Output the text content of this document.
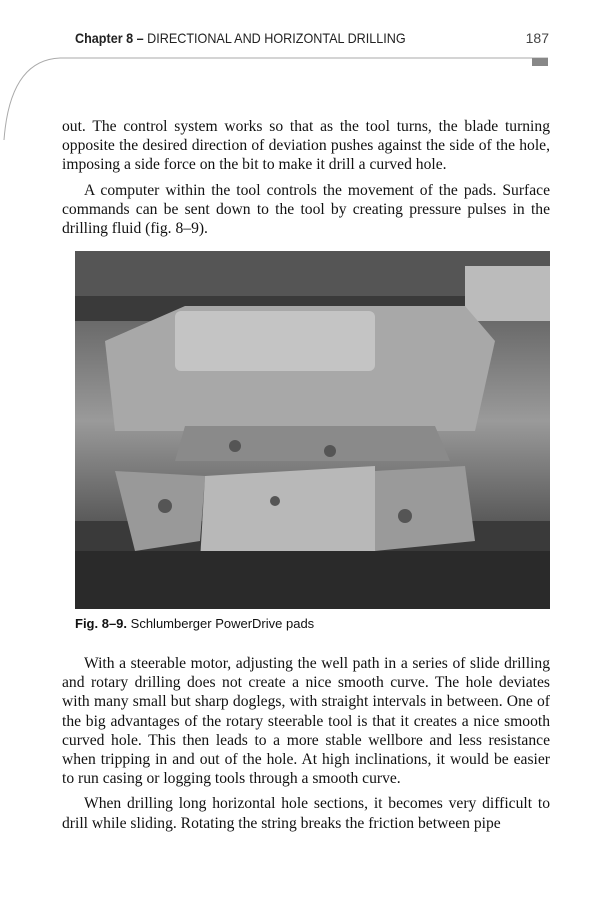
Chapter 8 – DIRECTIONAL AND HORIZONTAL DRILLING	187

out. The control system works so that as the tool turns, the blade turning opposite the desired direction of deviation pushes against the side of the hole, imposing a side force on the bit to make it drill a curved hole.

A computer within the tool controls the movement of the pads. Surface commands can be sent down to the tool by creating pressure pulses in the drilling fluid (fig. 8–9).

Fig. 8–9. Schlumberger PowerDrive pads

With a steerable motor, adjusting the well path in a series of slide drilling and rotary drilling does not create a nice smooth curve. The hole deviates with many small but sharp doglegs, with straight intervals in between. One of the big advantages of the rotary steerable tool is that it creates a nice smooth curved hole. This then leads to a more stable wellbore and less resistance when tripping in and out of the hole. At high inclinations, it would be easier to run casing or logging tools through a smooth curve.

When drilling long horizontal hole sections, it becomes very difficult to drill while sliding. Rotating the string breaks the friction between pipe
